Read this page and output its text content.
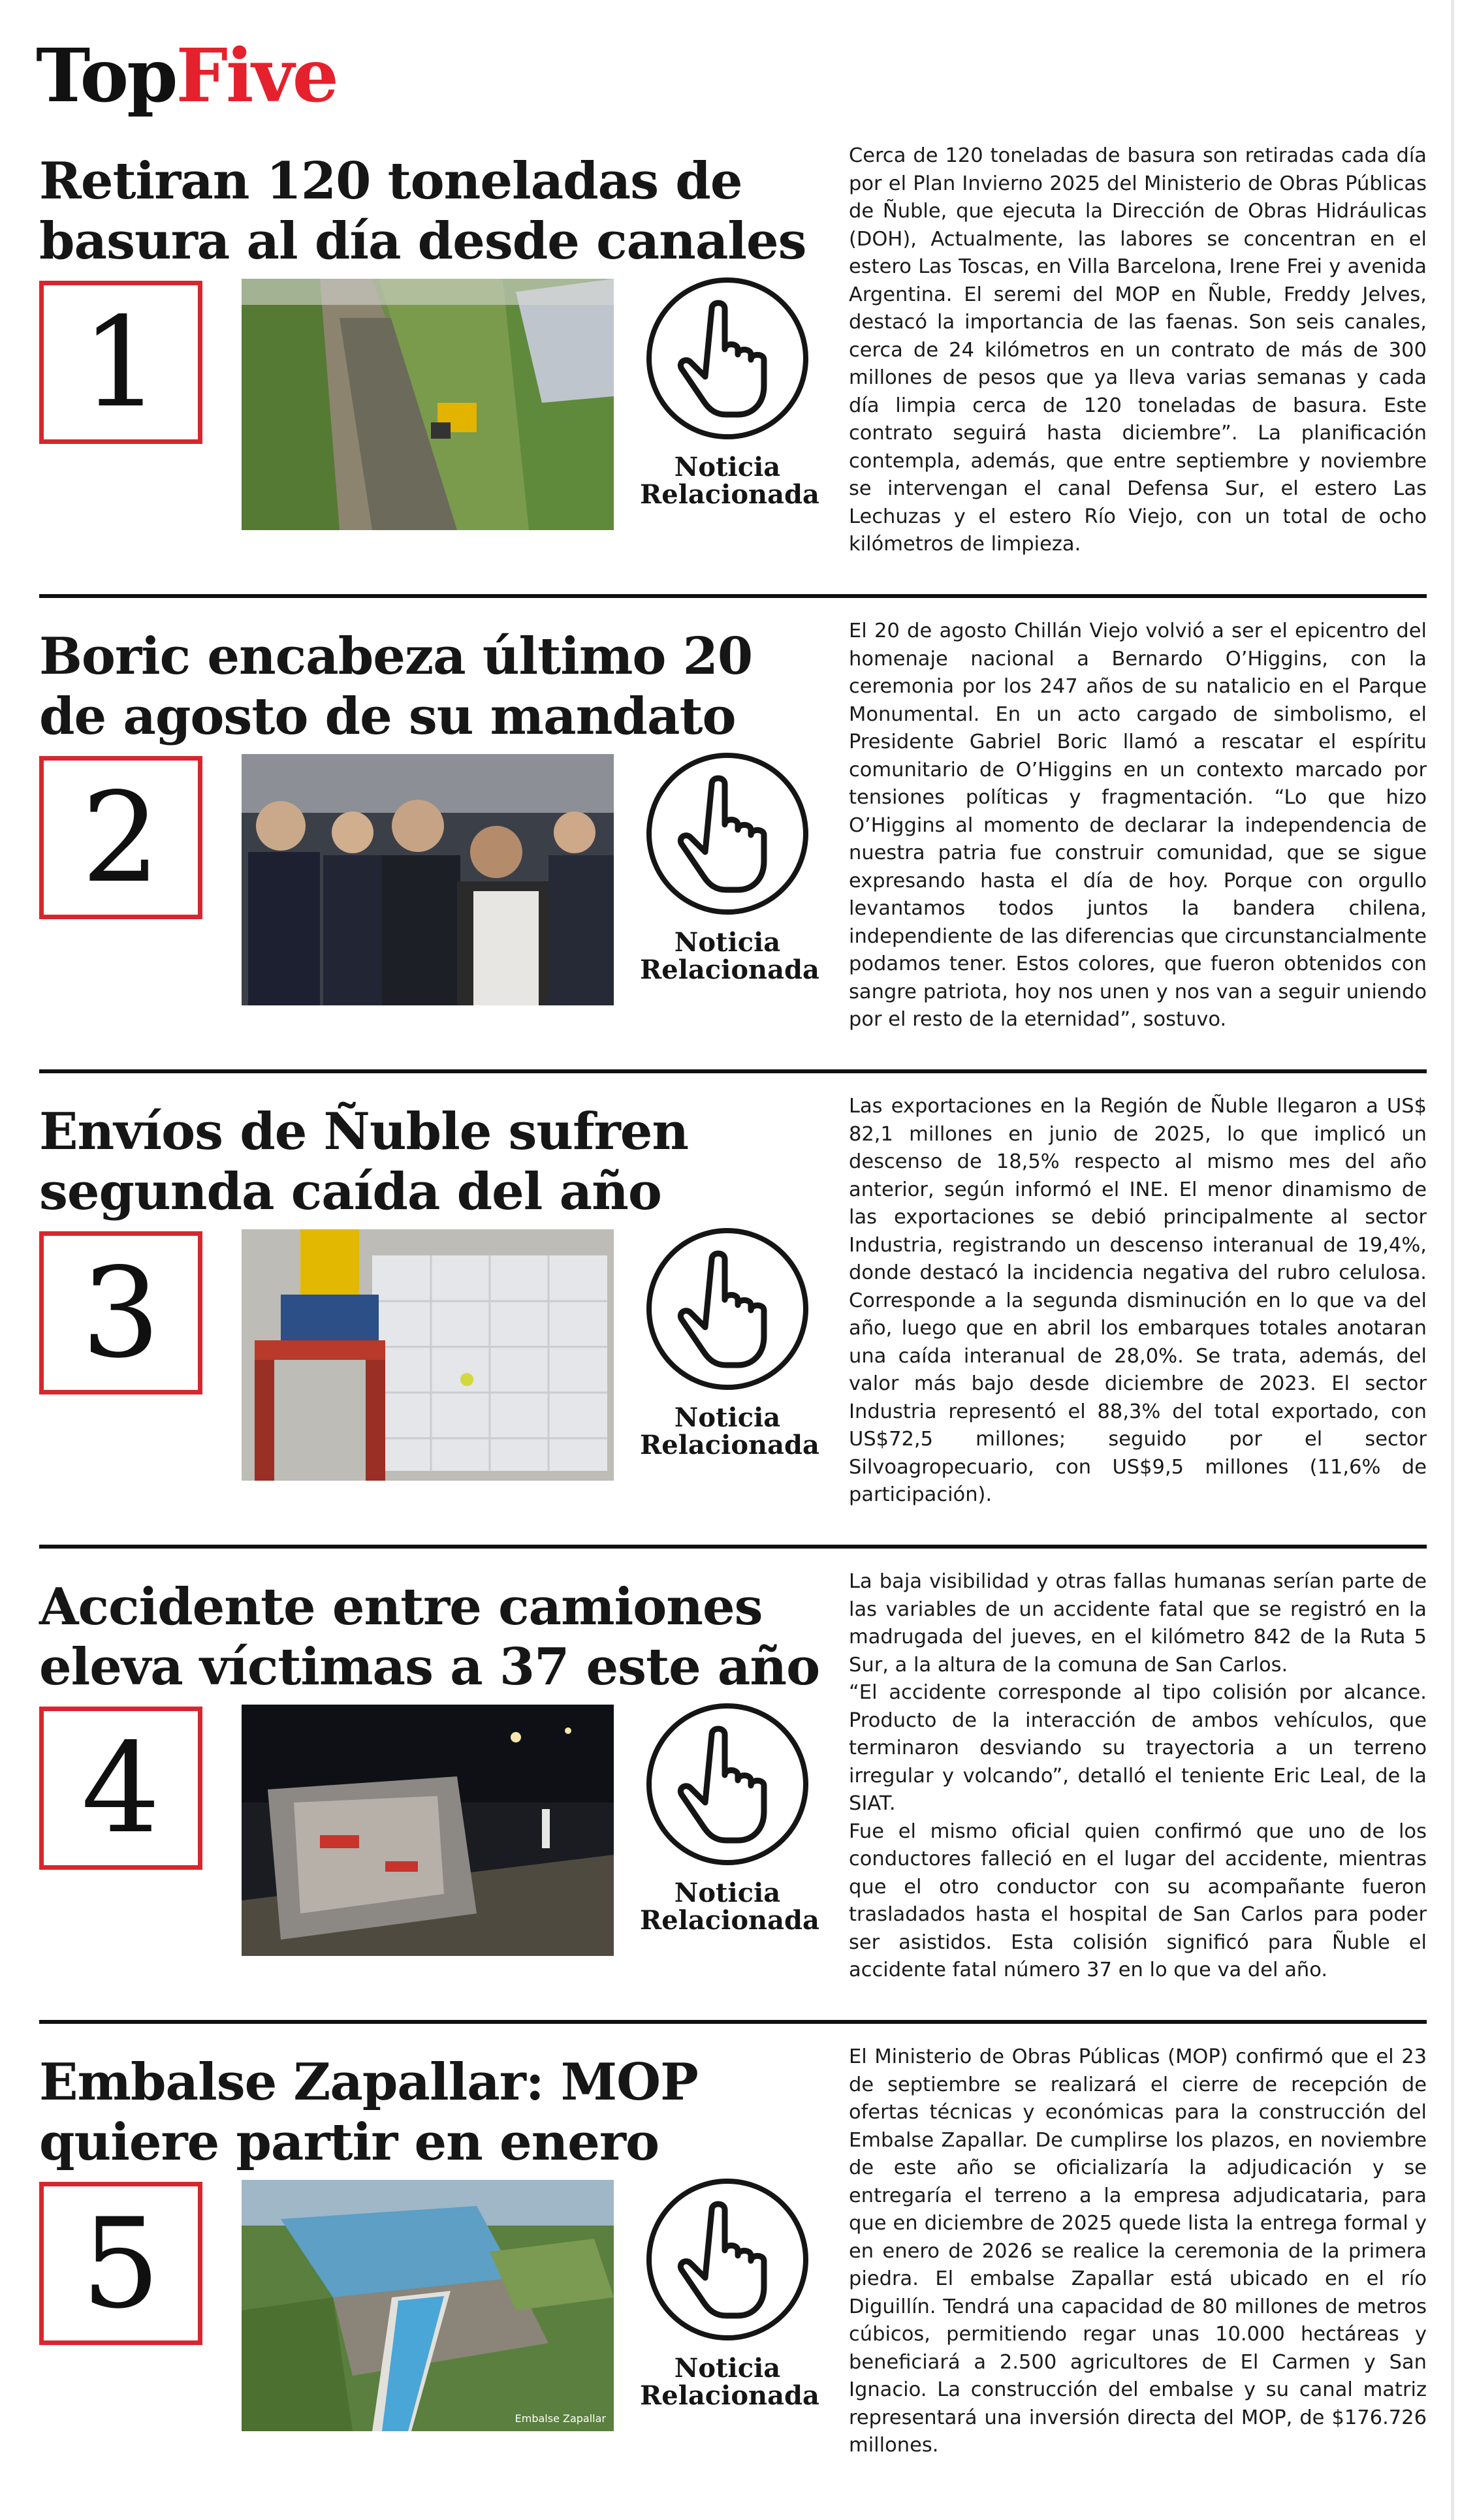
TopFive
Retiran 120 toneladas de
basura al día desde canales
1
Noticia
Relacionada

Cerca de 120 toneladas de basura son retiradas cada día por el Plan Invierno 2025 del Ministerio de Obras Públicas de Ñuble, que ejecuta la Dirección de Obras Hidráulicas (DOH), Actualmente, las labores se concentran en el estero Las Toscas, en Villa Barcelona, Irene Frei y avenida Argentina. El seremi del MOP en Ñuble, Freddy Jelves, destacó la importancia de las faenas. Son seis canales, cerca de 24 kilómetros en un contrato de más de 300 millones de pesos que ya lleva varias semanas y cada día limpia cerca de 120 toneladas de basura. Este contrato seguirá hasta diciembre”. La planificación contempla, además, que entre septiembre y noviembre se intervengan el canal Defensa Sur, el estero Las Lechuzas y el estero Río Viejo, con un total de ocho kilómetros de limpieza.

Boric encabeza último 20
de agosto de su mandato
2
Noticia
Relacionada

El 20 de agosto Chillán Viejo volvió a ser el epicentro del homenaje nacional a Bernardo O’Higgins, con la ceremonia por los 247 años de su natalicio en el Parque Monumental. En un acto cargado de simbolismo, el Presidente Gabriel Boric llamó a rescatar el espíritu comunitario de O’Higgins en un contexto marcado por tensiones políticas y fragmentación. “Lo que hizo O’Higgins al momento de declarar la independencia de nuestra patria fue construir comunidad, que se sigue expresando hasta el día de hoy. Porque con orgullo levantamos todos juntos la bandera chilena, independiente de las diferencias que circunstancialmente podamos tener. Estos colores, que fueron obtenidos con sangre patriota, hoy nos unen y nos van a seguir uniendo por el resto de la eternidad”, sostuvo.

Envíos de Ñuble sufren
segunda caída del año
3
Noticia
Relacionada

Las exportaciones en la Región de Ñuble llegaron a US$ 82,1 millones en junio de 2025, lo que implicó un descenso de 18,5% respecto al mismo mes del año anterior, según informó el INE. El menor dinamismo de las exportaciones se debió principalmente al sector Industria, registrando un descenso interanual de 19,4%, donde destacó la incidencia negativa del rubro celulosa. Corresponde a la segunda disminución en lo que va del año, luego que en abril los embarques totales anotaran una caída interanual de 28,0%. Se trata, además, del valor más bajo desde diciembre de 2023. El sector Industria representó el 88,3% del total exportado, con US$72,5 millones; seguido por el sector Silvoagropecuario, con US$9,5 millones (11,6% de participación).

Accidente entre camiones
eleva víctimas a 37 este año
4
Noticia
Relacionada

La baja visibilidad y otras fallas humanas serían parte de las variables de un accidente fatal que se registró en la madrugada del jueves, en el kilómetro 842 de la Ruta 5 Sur, a la altura de la comuna de San Carlos.

“El accidente corresponde al tipo colisión por alcance. Producto de la interacción de ambos vehículos, que terminaron desviando su trayectoria a un terreno irregular y volcando”, detalló el teniente Eric Leal, de la SIAT.

Fue el mismo oficial quien confirmó que uno de los conductores falleció en el lugar del accidente, mientras que el otro conductor con su acompañante fueron trasladados hasta el hospital de San Carlos para poder ser asistidos. Esta colisión significó para Ñuble el accidente fatal número 37 en lo que va del año.

Embalse Zapallar: MOP
quiere partir en enero
5
Embalse Zapallar
Noticia
Relacionada

El Ministerio de Obras Públicas (MOP) confirmó que el 23 de septiembre se realizará el cierre de recepción de ofertas técnicas y económicas para la construcción del Embalse Zapallar. De cumplirse los plazos, en noviembre de este año se oficializaría la adjudicación y se entregaría el terreno a la empresa adjudicataria, para que en diciembre de 2025 quede lista la entrega formal y en enero de 2026 se realice la ceremonia de la primera piedra. El embalse Zapallar está ubicado en el río Diguillín. Tendrá una capacidad de 80 millones de metros cúbicos, permitiendo regar unas 10.000 hectáreas y beneficiará a 2.500 agricultores de El Carmen y San Ignacio. La construcción del embalse y su canal matriz representará una inversión directa del MOP, de $176.726 millones.
